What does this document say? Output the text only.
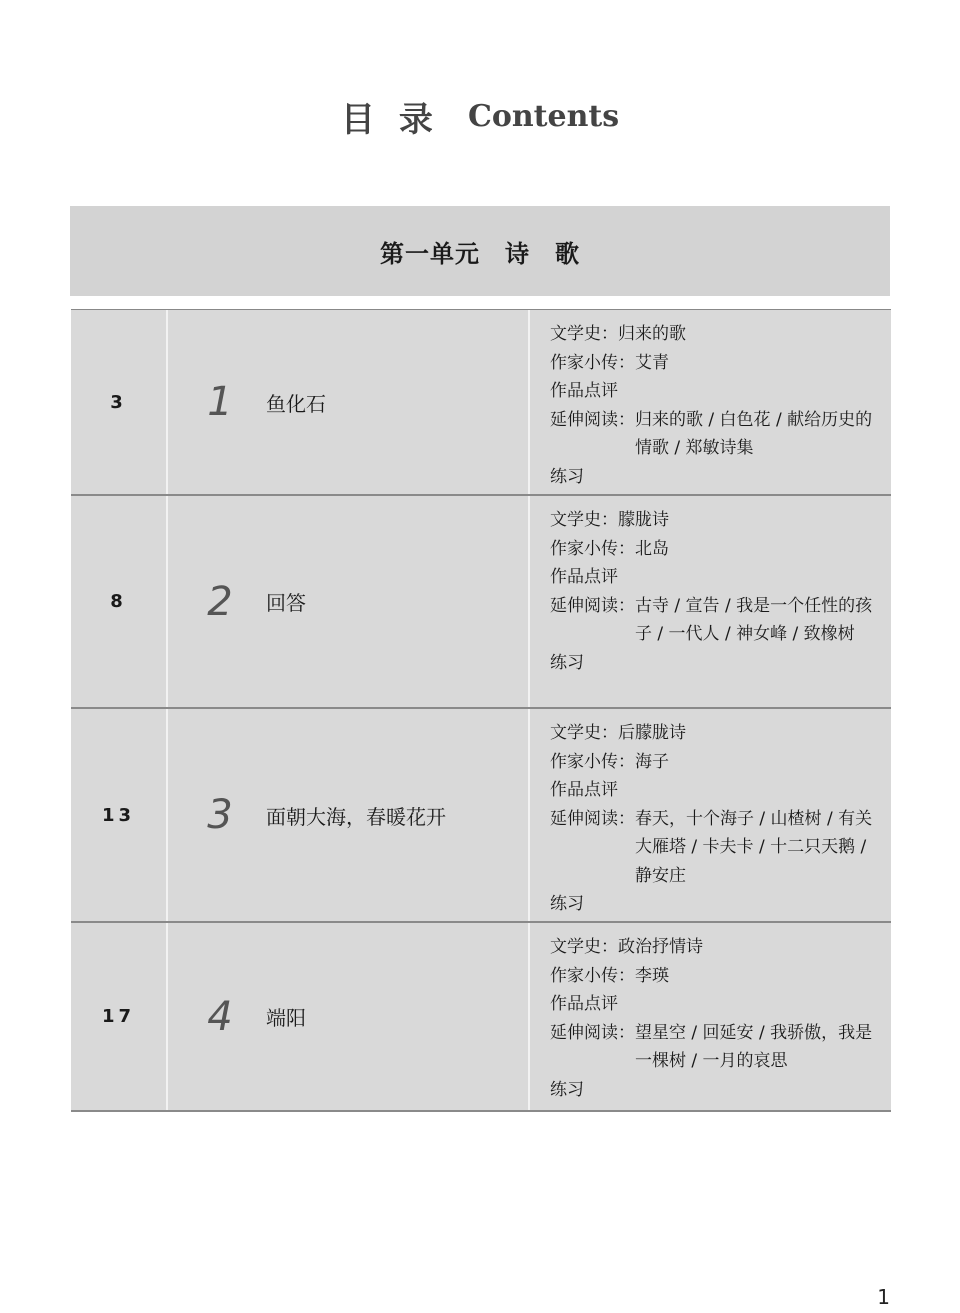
目录 Contents
第一单元　诗　歌
3	1	鱼化石
文学史： 归来的歌
作家小传： 艾青
作品点评
延伸阅读： 归来的歌 / 白色花 / 献给历史的情歌 / 郑敏诗集
练习
8	2	回答
文学史： 朦胧诗
作家小传： 北岛
作品点评
延伸阅读： 古寺 / 宣告 / 我是一个任性的孩子 / 一代人 / 神女峰 / 致橡树
练习
13	3	面朝大海，春暖花开
文学史： 后朦胧诗
作家小传： 海子
作品点评
延伸阅读： 春天，十个海子 / 山楂树 / 有关大雁塔 / 卡夫卡 / 十二只天鹅 / 静安庄
练习
17	4	端阳
文学史： 政治抒情诗
作家小传： 李瑛
作品点评
延伸阅读： 望星空 / 回延安 / 我骄傲，我是一棵树 / 一月的哀思
练习
1
